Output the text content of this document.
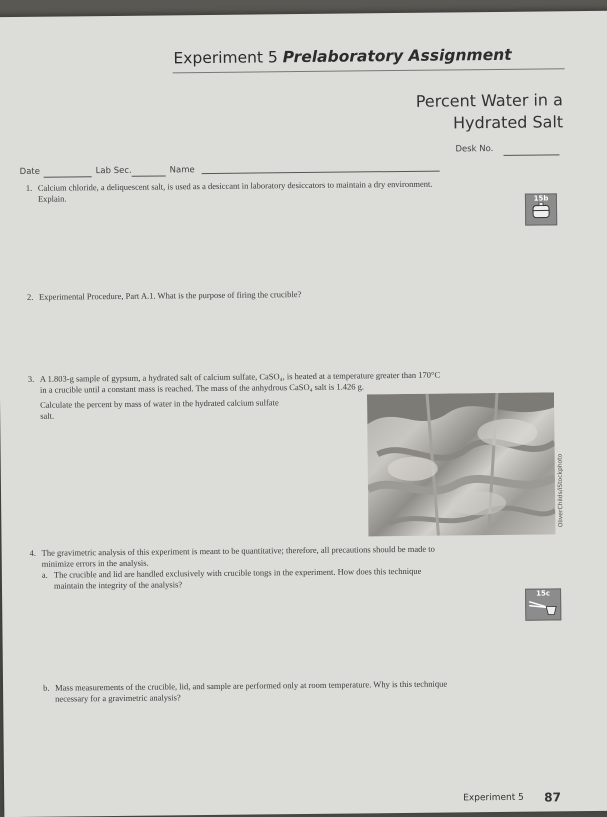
Experiment 5 Prelaboratory Assignment
Percent Water in a
Hydrated Salt
Desk No.
Date	Lab Sec.	Name
1. Calcium chloride, a deliquescent salt, is used as a desiccant in laboratory desiccators to maintain a dry environment.
Explain.	15b
2. Experimental Procedure, Part A.1. What is the purpose of firing the crucible?
3. A 1.803-g sample of gypsum, a hydrated salt of calcium sulfate, CaSO₄, is heated at a temperature greater than 170°C
in a crucible until a constant mass is reached. The mass of the anhydrous CaSO₄ salt is 1.426 g.
Calculate the percent by mass of water in the hydrated calcium sulfate
salt.
OliverChilds/iStockphoto
4. The gravimetric analysis of this experiment is meant to be quantitative; therefore, all precautions should be made to
minimize errors in the analysis.
a. The crucible and lid are handled exclusively with crucible tongs in the experiment. How does this technique
maintain the integrity of the analysis?
15c
b. Mass measurements of the crucible, lid, and sample are performed only at room temperature. Why is this technique
necessary for a gravimetric analysis?
Experiment 5 87
